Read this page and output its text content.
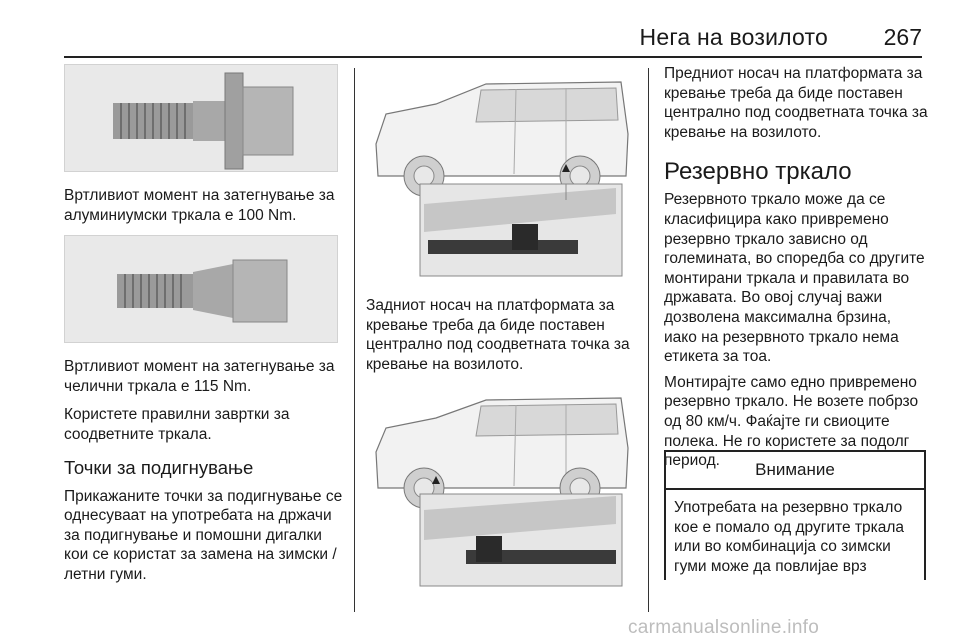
Нега на возилото 267

Вртливиот момент на затегнување за алуминиумски тркала е 100 Nm.

Вртливиот момент на затегнување за челични тркала е 115 Nm.

Користете правилни завртки за соодветните тркала.

Точки за подигнување

Прикажаните точки за подигнување се однесуваат на употребата на држачи за подигнување и помошни дигалки кои се користат за замена на зимски / летни гуми.

Задниот носач на платформата за кревање треба да биде поставен централно под соодветната точка за кревање на возилото.

Предниот носач на платформата за кревање треба да биде поставен централно под соодветната точка за кревање на возилото.

Резервно тркало

Резервното тркало може да се класифицира како привремено резервно тркало зависно од големината, во споредба со другите монтирани тркала и правилата во државата. Во овој случај важи дозволена максимална брзина, иако на резервното тркало нема етикета за тоа.

Монтирајте само едно привремено резервно тркало. Не возете побрзо од 80 км/ч. Фаќајте ги свиоците полека. Не го користете за подолг период.	Внимание
Употребата на резервно тркало кое е помало од другите тркала или во комбинација со зимски гуми може да повлијае врз
carmanualsonline.info
